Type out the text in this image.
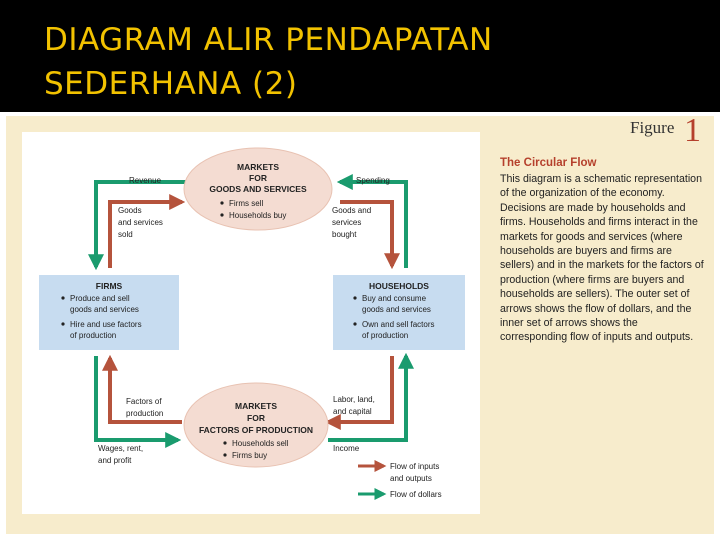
DIAGRAM ALIR PENDAPATAN
SEDERHANA (2)
MARKETS
FOR
GOODS AND SERVICES
Firms sell
Households buy
MARKETS
FOR
FACTORS OF PRODUCTION
Households sell
Firms buy
FIRMS
Produce and sell
goods and services
Hire and use factors
of production
HOUSEHOLDS
Buy and consume
goods and services
Own and sell factors
of production
Revenue	Spending
Goods
and services
sold
Goods and
services
bought
Factors of
production
Labor, land,
and capital
Wages, rent,
and profit
Income
Flow of inputs
and outputs
Flow of dollars
Figure 1
The Circular Flow
This diagram is a schematic representation of the organization of the economy. Decisions are made by households and firms. Households and firms interact in the markets for goods and services (where households are buyers and firms are sellers) and in the markets for the factors of production (where firms are buyers and households are sellers). The outer set of arrows shows the flow of dollars, and the inner set of arrows shows the corresponding flow of inputs and outputs.
